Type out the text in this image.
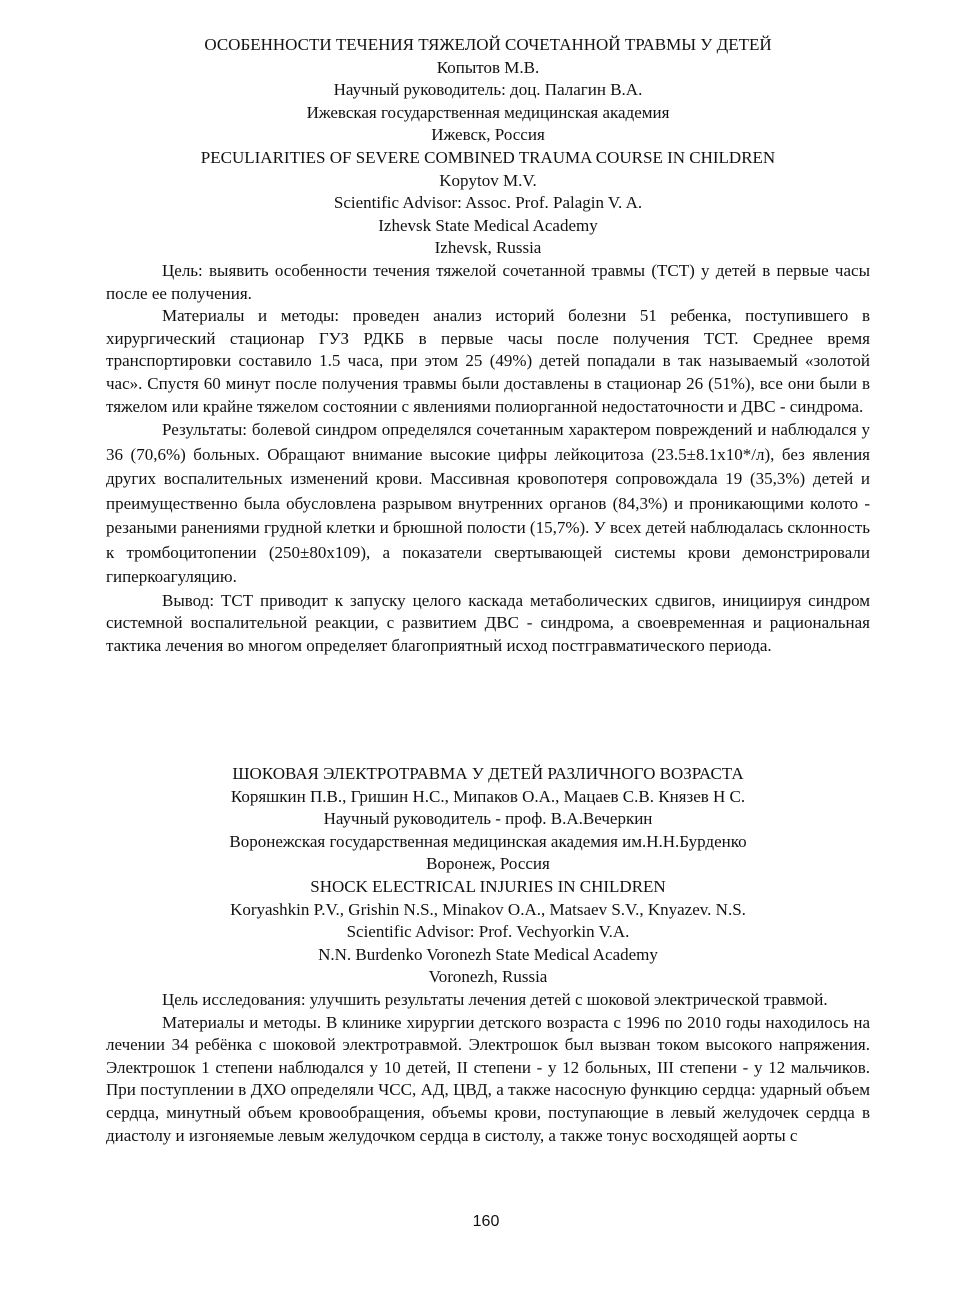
ОСОБЕННОСТИ ТЕЧЕНИЯ ТЯЖЕЛОЙ СОЧЕТАННОЙ ТРАВМЫ У ДЕТЕЙ
Копытов М.В.
Научный руководитель: доц. Палагин В.А.
Ижевская государственная медицинская академия
Ижевск, Россия
PECULIARITIES OF SEVERE COMBINED TRAUMA COURSE IN CHILDREN
Kopytov M.V.
Scientific Advisor: Assoc. Prof. Palagin V. A.
Izhevsk State Medical Academy
Izhevsk, Russia

Цель: выявить особенности течения тяжелой сочетанной травмы (ТСТ) у детей в первые часы после ее получения.

Материалы и методы: проведен анализ историй болезни 51 ребенка, поступившего в хирургический стационар ГУЗ РДКБ в первые часы после получения ТСТ. Среднее время транспортировки составило 1.5 часа, при этом 25 (49%) детей попадали в так называемый «золотой час». Спустя 60 минут после получения травмы были доставлены в стационар 26 (51%), все они были в тяжелом или крайне тяжелом состоянии с явлениями полиорганной недостаточности и ДВС - синдрома.

Результаты: болевой синдром определялся сочетанным характером повреждений и наблюдался у 36 (70,6%) больных. Обращают внимание высокие цифры лейкоцитоза (23.5±8.1х10*/л), без явления других воспалительных изменений крови. Массивная кровопотеря сопровождала 19 (35,3%) детей и преимущественно была обусловлена разрывом внутренних органов (84,3%) и проникающими колото - резаными ранениями грудной клетки и брюшной полости (15,7%). У всех детей наблюдалась склонность к тромбоцитопении (250±80х109), а показатели свертывающей системы крови демонстрировали гиперкоагуляцию.

Вывод: ТСТ приводит к запуску целого каскада метаболических сдвигов, инициируя синдром системной воспалительной реакции, с развитием ДВС - синдрома, а своевременная и рациональная тактика лечения во многом определяет благоприятный исход постгравматического периода.

ШОКОВАЯ ЭЛЕКТРОТРАВМА У ДЕТЕЙ РАЗЛИЧНОГО ВОЗРАСТА
Коряшкин П.В., Гришин Н.С., Мипаков О.А., Мацаев С.В. Князев Н С.
Научный руководитель - проф. В.А.Вечеркин
Воронежская государственная медицинская академия им.Н.Н.Бурденко
Воронеж, Россия
SHOCK ELECTRICAL INJURIES IN CHILDREN
Koryashkin P.V., Grishin N.S., Minakov O.A., Matsaev S.V., Knyazev. N.S.
Scientific Advisor: Prof. Vechyorkin V.A.
N.N. Burdenko Voronezh State Medical Academy
Voronezh, Russia

Цель исследования: улучшить результаты лечения детей с шоковой электрической травмой.

Материалы и методы. В клинике хирургии детского возраста с 1996 по 2010 годы находилось на лечении 34 ребёнка с шоковой электротравмой. Электрошок был вызван током высокого напряжения. Электрошок 1 степени наблюдался у 10 детей, II степени - у 12 больных, III степени - у 12 мальчиков. При поступлении в ДХО определяли ЧСС, АД, ЦВД, а также насосную функцию сердца: ударный объем сердца, минутный объем кровообращения, объемы крови, поступающие в левый желудочек сердца в диастолу и изгоняемые левым желудочком сердца в систолу, а также тонус восходящей аорты с

160
